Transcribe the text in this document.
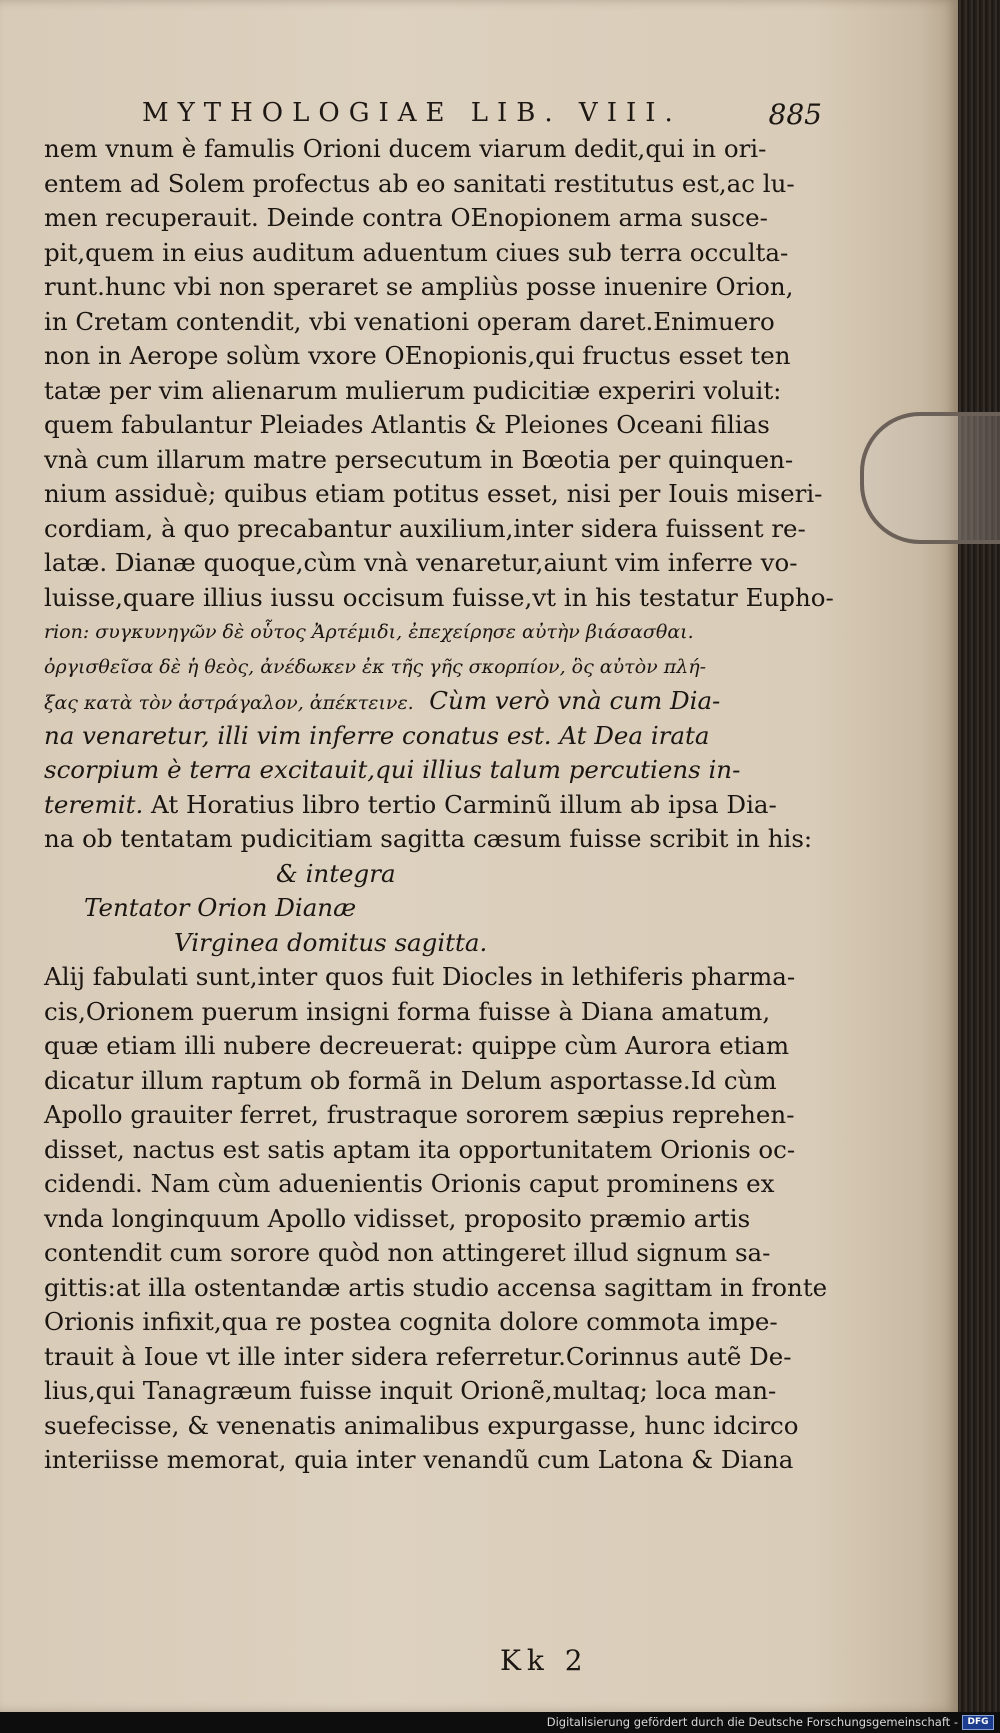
MYTHOLOGIAE LIB. VIII.	885
nem vnum è famulis Orioni ducem viarum dedit,qui in ori-
entem ad Solem profectus ab eo sanitati restitutus est,ac lu-
men recuperauit. Deinde contra OEnopionem arma susce-
pit,quem in eius auditum aduentum ciues sub terra occulta-
runt.hunc vbi non speraret se ampliùs posse inuenire Orion,
in Cretam contendit, vbi venationi operam daret.Enimuero
non in Aerope solùm vxore OEnopionis,qui fructus esset ten
tatæ per vim alienarum mulierum pudicitiæ experiri voluit:
quem fabulantur Pleiades Atlantis & Pleiones Oceani filias
vnà cum illarum matre persecutum in Bœotia per quinquen-
nium assiduè; quibus etiam potitus esset, nisi per Iouis miseri-
cordiam, à quo precabantur auxilium,inter sidera fuissent re-
latæ. Dianæ quoque,cùm vnà venaretur,aiunt vim inferre vo-
luisse,quare illius iussu occisum fuisse,vt in his testatur Eupho-
rion: συγκυνηγῶν δὲ οὗτος Ἀρτέμιδι, ἐπεχείρησε αὐτὴν βιάσασθαι.
ὀργισθεῖσα δὲ ἡ θεὸς, ἀνέδωκεν ἐκ τῆς γῆς σκορπίον, ὃς αὐτὸν πλή-
ξας κατὰ τὸν ἀστράγαλον, ἀπέκτεινε. Cùm verò vnà cum Dia-
na venaretur, illi vim inferre conatus est. At Dea irata
scorpium è terra excitauit,qui illius talum percutiens in-
teremit. At Horatius libro tertio Carminũ illum ab ipsa Dia-
na ob tentatam pudicitiam sagitta cæsum fuisse scribit in his:
& integra
Tentator Orion Dianæ
Virginea domitus sagitta.
Alij fabulati sunt,inter quos fuit Diocles in lethiferis pharma-
cis,Orionem puerum insigni forma fuisse à Diana amatum,
quæ etiam illi nubere decreuerat: quippe cùm Aurora etiam
dicatur illum raptum ob formã in Delum asportasse.Id cùm
Apollo grauiter ferret, frustraque sororem sæpius reprehen-
disset, nactus est satis aptam ita opportunitatem Orionis oc-
cidendi. Nam cùm aduenientis Orionis caput prominens ex
vnda longinquum Apollo vidisset, proposito præmio artis
contendit cum sorore quòd non attingeret illud signum sa-
gittis:at illa ostentandæ artis studio accensa sagittam in fronte
Orionis infixit,qua re postea cognita dolore commota impe-
trauit à Ioue vt ille inter sidera referretur.Corinnus autẽ De-
lius,qui Tanagræum fuisse inquit Orionẽ,multaq; loca man-
suefecisse, & venenatis animalibus expurgasse, hunc idcirco
interiisse memorat, quia inter venandũ cum Latona & Diana
Kk 2
Digitalisierung gefördert durch die Deutsche Forschungsgemeinschaft -	DFG
